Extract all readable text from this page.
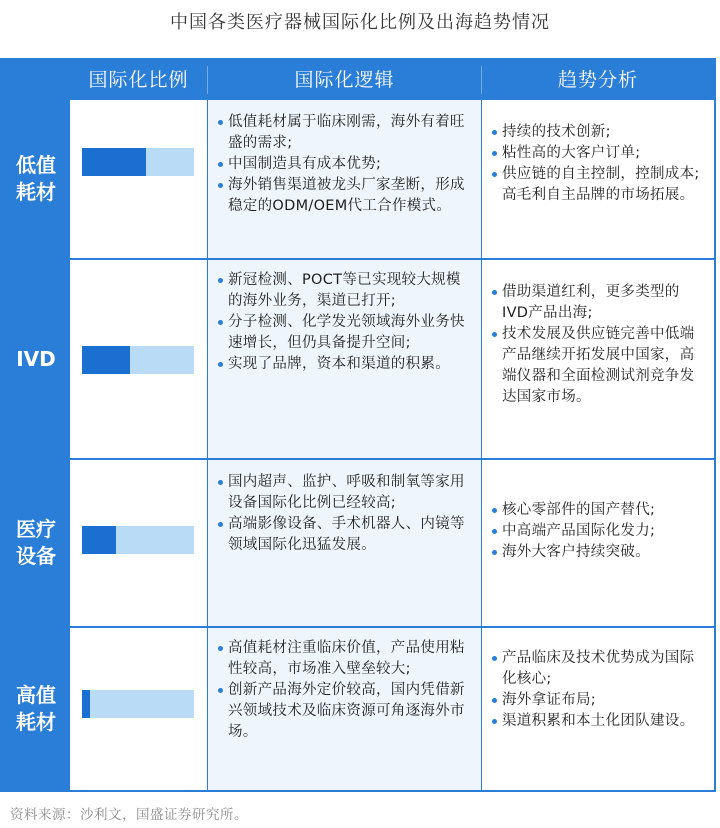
中国各类医疗器械国际化比例及出海趋势情况
国际化比例	国际化逻辑	趋势分析
低值
耗材
低值耗材属于临床刚需，海外有着旺盛的需求;
中国制造具有成本优势;
海外销售渠道被龙头厂家垄断，形成稳定的ODM/OEM代工合作模式。
持续的技术创新;
粘性高的大客户订单;
供应链的自主控制，控制成本;高毛利自主品牌的市场拓展。
IVD
新冠检测、POCT等已实现较大规模的海外业务，渠道已打开;
分子检测、化学发光领域海外业务快速增长，但仍具备提升空间;
实现了品牌，资本和渠道的积累。
借助渠道红利，更多类型的IVD产品出海;
技术发展及供应链完善中低端产品继续开拓发展中国家，高端仪器和全面检测试剂竞争发达国家市场。
医疗
设备
国内超声、监护、呼吸和制氧等家用设备国际化比例已经较高;
高端影像设备、手术机器人、内镜等领域国际化迅猛发展。
核心零部件的国产替代;
中高端产品国际化发力;
海外大客户持续突破。
高值
耗材
高值耗材注重临床价值，产品使用粘性较高，市场准入壁垒较大;
创新产品海外定价较高，国内凭借新兴领域技术及临床资源可角逐海外市场。
产品临床及技术优势成为国际化核心;
海外拿证布局;
渠道积累和本土化团队建设。
资料来源：沙利文，国盛证券研究所。
